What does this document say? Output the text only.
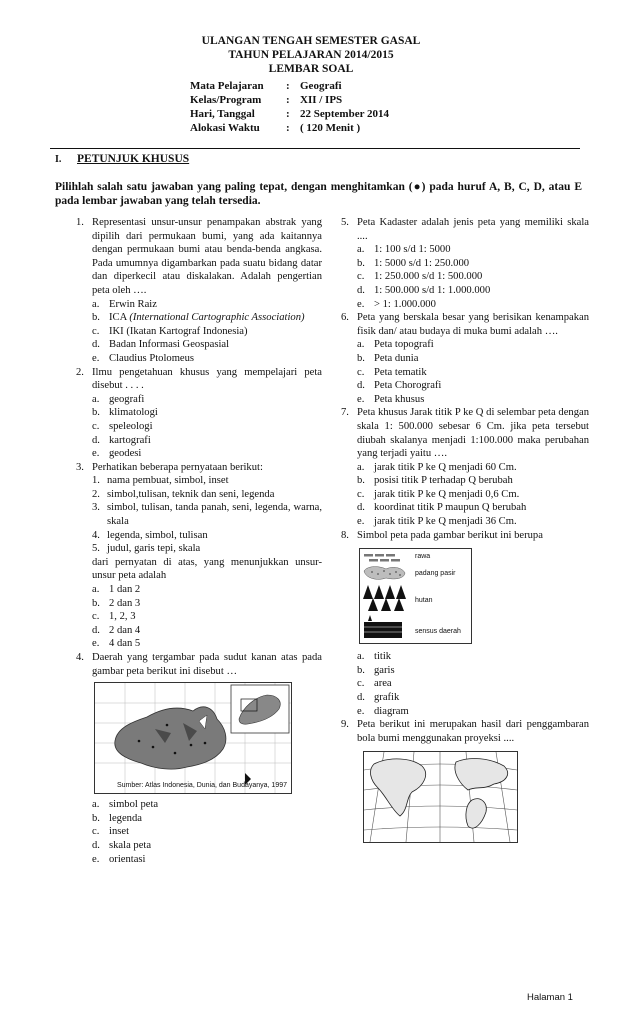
ULANGAN TENGAH SEMESTER GASAL
TAHUN PELAJARAN 2014/2015
LEMBAR SOAL
Mata Pelajaran	: Geografi
Kelas/Program	: XII / IPS
Hari, Tanggal	: 22 September 2014
Alokasi Waktu	: ( 120 Menit )
I. PETUNJUK KHUSUS
Pilihlah salah satu jawaban yang paling tepat, dengan menghitamkan (●) pada huruf A, B, C, D, atau E pada lembar jawaban yang telah tersedia.
1. Representasi unsur-unsur penampakan abstrak yang dipilih dari permukaan bumi, yang ada kaitannya dengan permukaan bumi atau benda-benda angkasa. Pada umumnya digambarkan pada suatu bidang datar dan diperkecil atau diskalakan. Adalah pengertian peta oleh ….
a. Erwin Raiz
b. ICA (International Cartographic Association)
c. IKI (Ikatan Kartograf Indonesia)
d. Badan Informasi Geospasial
e. Claudius Ptolomeus
2. Ilmu pengetahuan khusus yang mempelajari peta disebut . . . .
a. geografi
b. klimatologi
c. speleologi
d. kartografi
e. geodesi
3. Perhatikan beberapa pernyataan berikut:
1. nama pembuat, simbol, inset
2. simbol,tulisan, teknik dan seni, legenda
3. simbol, tulisan, tanda panah, seni, legenda, warna, skala
4. legenda, simbol, tulisan
5. judul, garis tepi, skala
dari pernyatan di atas, yang menunjukkan unsur-unsur peta adalah
a. 1 dan 2
b. 2 dan 3
c. 1, 2, 3
d. 2 dan 4
e. 4 dan 5
4. Daerah yang tergambar pada sudut kanan atas pada gambar peta berikut ini disebut …
Sumber: Atlas Indonesia, Dunia, dan Budayanya, 1997
a. simbol peta
b. legenda
c. inset
d. skala peta
e. orientasi
5. Peta Kadaster adalah jenis peta yang memiliki skala ....
a. 1: 100 s/d 1: 5000
b. 1: 5000 s/d 1: 250.000
c. 1: 250.000 s/d 1: 500.000
d. 1: 500.000 s/d 1: 1.000.000
e. > 1: 1.000.000
6. Peta yang berskala besar yang berisikan kenampakan fisik dan/ atau budaya di muka bumi adalah ….
a. Peta topografi
b. Peta dunia
c. Peta tematik
d. Peta Chorografi
e. Peta khusus
7. Peta khusus Jarak titik P ke Q di selembar peta dengan skala 1: 500.000 sebesar 6 Cm. jika peta tersebut diubah skalanya menjadi 1:100.000 maka perubahan yang terjadi yaitu ….
a. jarak titik P ke Q menjadi 60 Cm.
b. posisi titik P terhadap Q berubah
c. jarak titik P ke Q menjadi 0,6 Cm.
d. koordinat titik P maupun Q berubah
e. jarak titik P ke Q menjadi 36 Cm.
8. Simbol peta pada gambar berikut ini berupa
rawa
padang pasir
hutan
sensus daerah
a. titik
b. garis
c. area
d. grafik
e. diagram
9. Peta berikut ini merupakan hasil dari penggambaran bola bumi menggunakan proyeksi ....
Halaman 1
